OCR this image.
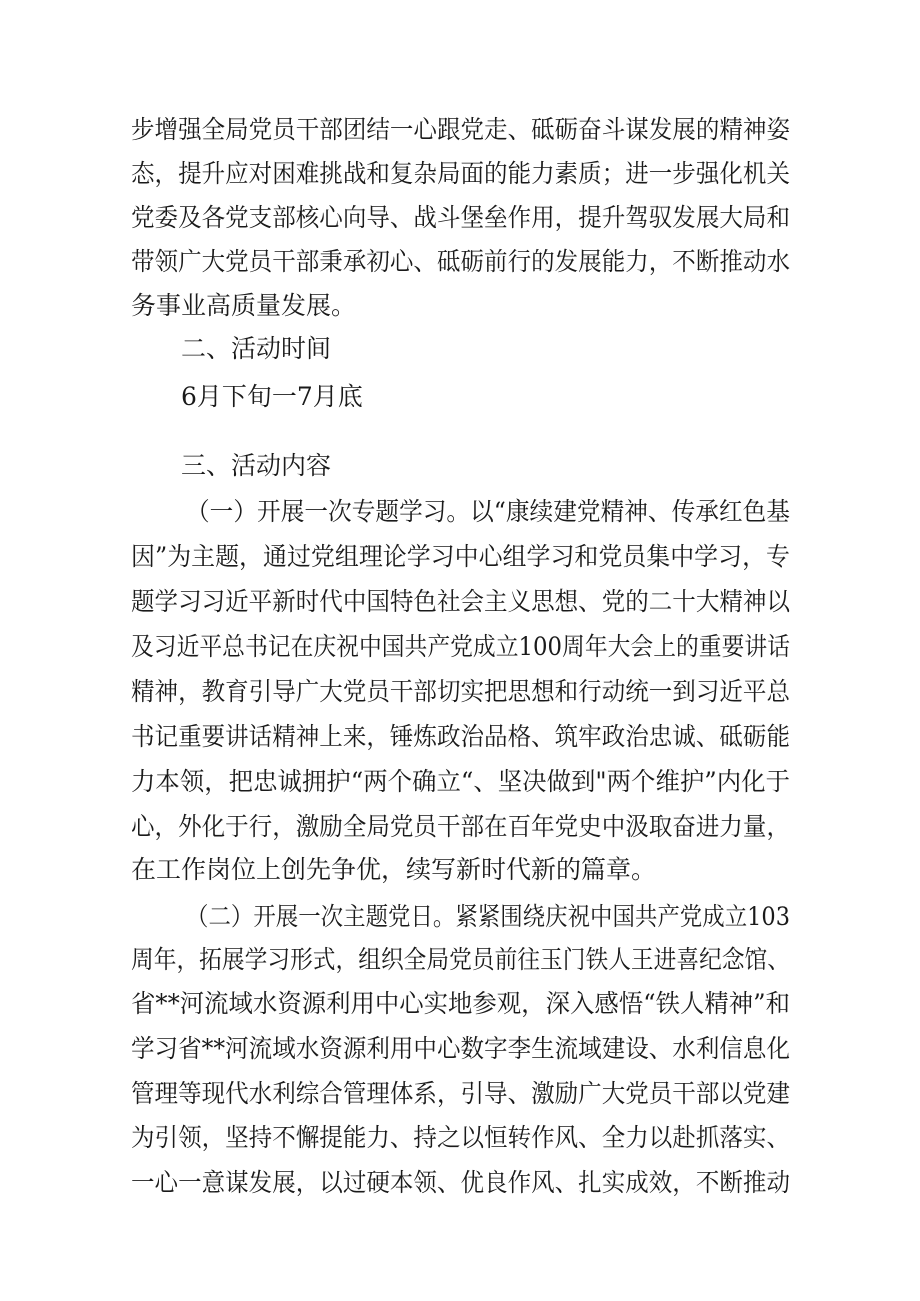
步增强全局党员干部团结一心跟党走、砥砺奋斗谋发展的精神姿
态，提升应对困难挑战和复杂局面的能力素质；进一步强化机关
党委及各党支部核心向导、战斗堡垒作用，提升驾驭发展大局和
带领广大党员干部秉承初心、砥砺前行的发展能力，不断推动水
务事业高质量发展。
二、活动时间
6月下旬一7月底
三、活动内容
（一）开展一次专题学习。以“康续建党精神、传承红色基
因”为主题，通过党组理论学习中心组学习和党员集中学习，专
题学习习近平新时代中国特色社会主义思想、党的二十大精神以
及习近平总书记在庆祝中国共产党成立100周年大会上的重要讲话
精神，教育引导广大党员干部切实把思想和行动统一到习近平总
书记重要讲话精神上来，锤炼政治品格、筑牢政治忠诚、砥砺能
力本领，把忠诚拥护“两个确立“、坚决做到"两个维护”内化于
心，外化于行，激励全局党员干部在百年党史中汲取奋进力量，
在工作岗位上创先争优，续写新时代新的篇章。
（二）开展一次主题党日。紧紧围绕庆祝中国共产党成立103
周年，拓展学习形式，组织全局党员前往玉门铁人王进喜纪念馆、
省**河流域水资源利用中心实地参观，深入感悟“铁人精神”和
学习省**河流域水资源利用中心数字李生流域建设、水利信息化
管理等现代水利综合管理体系，引导、激励广大党员干部以党建
为引领，坚持不懈提能力、持之以恒转作风、全力以赴抓落实、
一心一意谋发展，以过硬本领、优良作风、扎实成效，不断推动
